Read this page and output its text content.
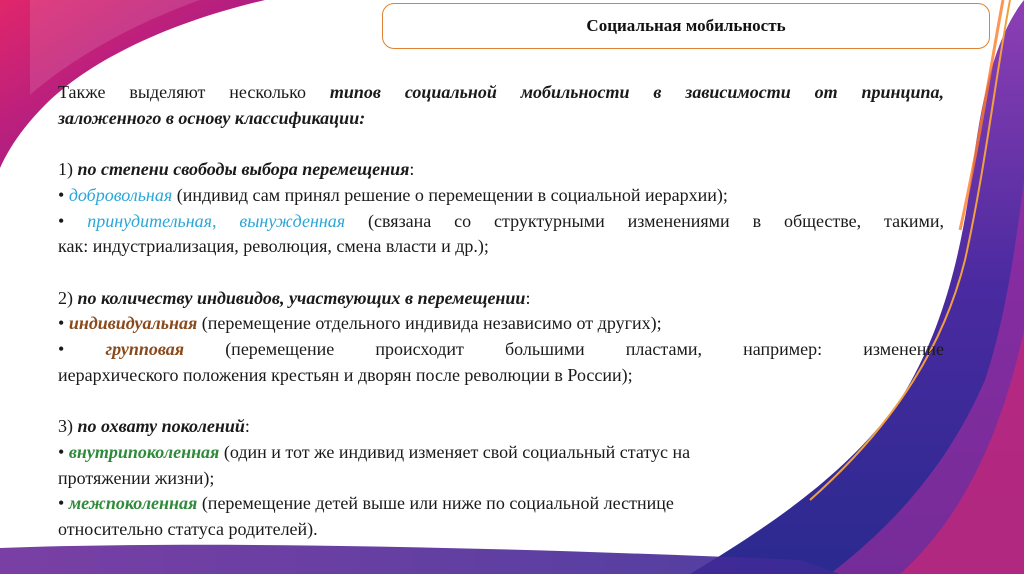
Социальная мобильность

Также выделяют несколько типов социальной мобильности в зависимости от принципа,

заложенного в основу классификации:

1) по степени свободы выбора перемещения:

• добровольная (индивид сам принял решение о перемещении в социальной иерархии);

• принудительная, вынужденная (связана со структурными изменениями в обществе, такими,

как: индустриализация, революция, смена власти и др.);

2) по количеству индивидов, участвующих в перемещении:

• индивидуальная (перемещение отдельного индивида независимо от других);

• групповая (перемещение происходит большими пластами, например: изменение

иерархического положения крестьян и дворян после революции в России);

3) по охвату поколений:

• внутрипоколенная (один и тот же индивид изменяет свой социальный статус на

протяжении жизни);

• межпоколенная (перемещение детей выше или ниже по социальной лестнице

относительно статуса родителей).
